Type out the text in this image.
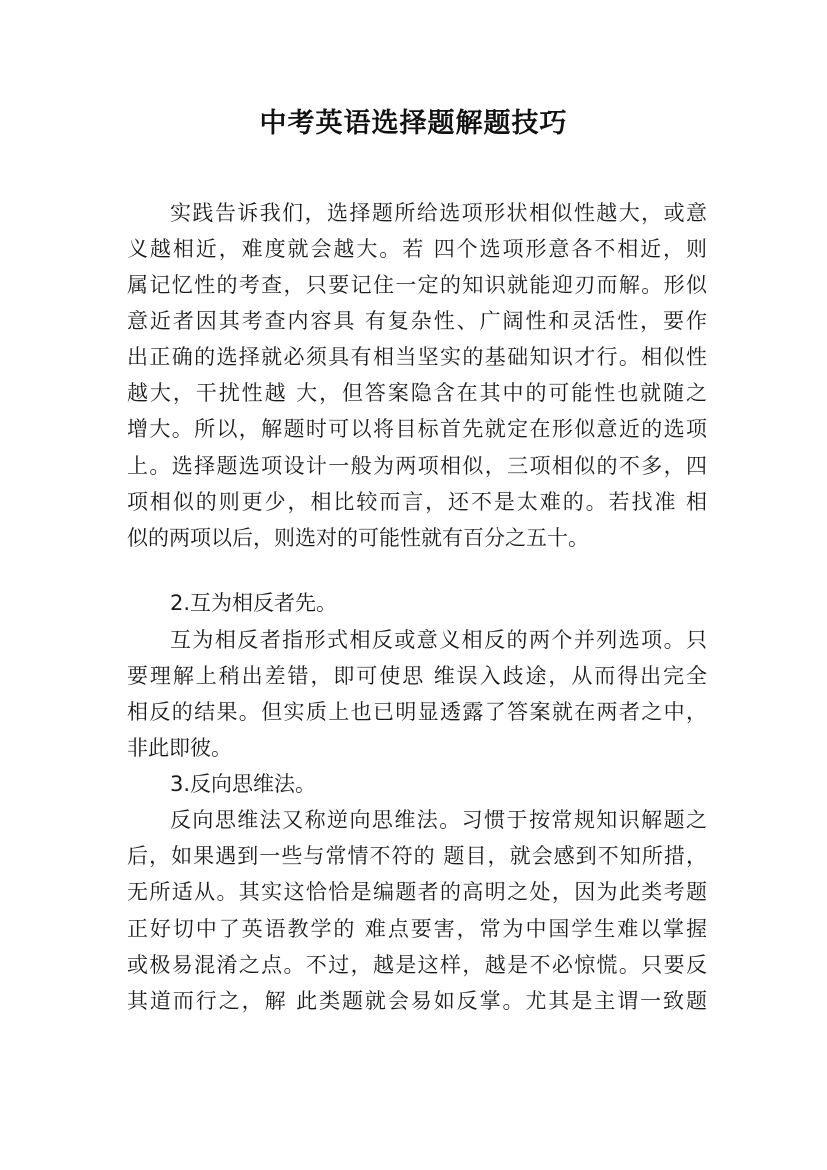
中考英语选择题解题技巧
实践告诉我们，选择题所给选项形状相似性越大，或意
义越相近，难度就会越大。若 四个选项形意各不相近，则
属记忆性的考查，只要记住一定的知识就能迎刃而解。形似
意近者因其考查内容具 有复杂性、广阔性和灵活性，要作
出正确的选择就必须具有相当坚实的基础知识才行。相似性
越大，干扰性越 大，但答案隐含在其中的可能性也就随之
增大。所以，解题时可以将目标首先就定在形似意近的选项
上。选择题选项设计一般为两项相似，三项相似的不多，四
项相似的则更少，相比较而言，还不是太难的。若找准 相
似的两项以后，则选对的可能性就有百分之五十。
2.互为相反者先。
互为相反者指形式相反或意义相反的两个并列选项。只
要理解上稍出差错，即可使思 维误入歧途，从而得出完全
相反的结果。但实质上也已明显透露了答案就在两者之中，
非此即彼。
3.反向思维法。
反向思维法又称逆向思维法。习惯于按常规知识解题之
后，如果遇到一些与常情不符的 题目，就会感到不知所措，
无所适从。其实这恰恰是编题者的高明之处，因为此类考题
正好切中了英语教学的 难点要害，常为中国学生难以掌握
或极易混淆之点。不过，越是这样，越是不必惊慌。只要反
其道而行之，解 此类题就会易如反掌。尤其是主谓一致题
